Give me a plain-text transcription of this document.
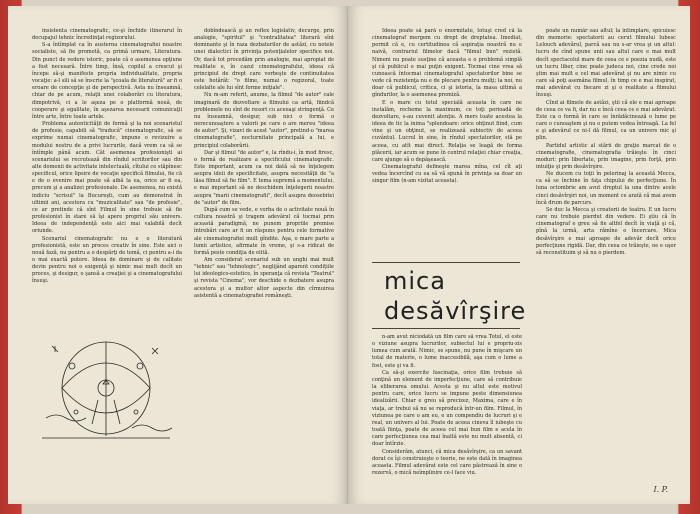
insistenta cinematografic, ce-şi închide itinerarul în decupajul tehnic încredinţat regizorului.

S-a întîmplat ca în austerna cinematografiei noastre socialiste, să fie promotă, ca primă urmare, Literatura. Din punct de vedere istoric, poate că o asemenea opţiune a fost necesară. Între timp, însă, copilul a crescut şi începe să-şi manifeste propria individualitate, propria vocaţie: a-l sili să se înscrie la "şcoala de literatură" ar fi o eroare de concepţie şi de perspectivă. Asta nu înseamnă, chiar de pe acum, relaţii unei colaborări cu literatura, dimpotrivă, ci a le aşeza pe o platformă nouă, de cooperare şi egalitate, în aşezarea necesarii comunicaţii între arte, între toate artele.

Problema autenticităţii de formă şi la noi scenaristul de profesie, capabili să "traducă" cinematografic, să se exprime numai cinematografic, impune o revizuire a modului nostru de a privi lucrurile, dacă vrem ca să se întîmple până acum. Cât asemenea profesionişti ai scenariului se recrutează din rîndul scriitorilor sau din alte domenii de activitate intelectuală, cîtului ce stăpînesc specificul, orice lipsire de vocaţie specifică filmului, fie că e de o evenire mai poate să aibă la ea, orice ar fi ea, precum şi a analizei profesionale. De asemenea, nu există indiciu "scrisul" la Bucureşti, cum au demonstrat în ultimii ani, acestora cu "muzicalitate" sau "de profesie", ce ar pretinde că sînt Filmul în sine trebuie să fie profesionist în stare să îşi apere propriul său univers. Ideea de independenţă este aici mai valabilă decît oriunde.

Scenariul cinematografic nu e o literatură profesionistă, este un proces creativ în sine. Este aici o nouă fază, nu pentru a o despărţi de temă, ci pentru a-i da o mai exactă putere. Ideea de dominare şi de calitate devin pentru noi o exigenţă şi nimic mai mult decît un proces, şi desigur, o şansă a creaţiei şi a cinematografului însuşi.

dobîndească şi un reflex legislativ, decurge, prin analogie, "spiritul" şi "contralitatea" literară sînt dominante şi în raza dezbaterilor de astăzi, cu notele unei dialectici în privinţa potenţialelor specifice noi. Or, dacă tot procedăm prin analogie, mai apropiat de realitate e, în cazul cinematografului, ideea că principiul de drept care vorbeşte de continuitatea este hotărât: "o filme, numai o regizoral, toate celelalte ale lui sînt forme iniţiale".

Nu m-am referit, anume, la filmul "de autor" cale imaginară de dezvoltare a filmului ca artă, fiindcă problemele nu sînt de resort cu aceeaşi stringenţă. Ce nu înseamnă, desigur, sub nici o formă o nerecunoaştere a valorii pe care o are mereu "ideea de autor". Şi, vizavi de acest "autor", pretind-o "marea cinematografie", nocturnitate principală a lui, e principiul colaborării.

Dar şi filmul "de autor" e, la rîndu-i, în mod firesc, o formă de realizare a specificului cinematografic. Este important, acum ca noi dată să ne înţelegem asupra ideii de specificitate, asupra necesităţii de "a lăsa filmul să fie film". E tema supremă a momentului, e mai important să ne deschidem înţelegerii noastre asupra "marii cinematografii", decît asupra deosebitei de "autor" de film.

După cum se vede, e vorba de o activitate nouă în cultura noastră şi tragem adevărul că tocmai prin această paradigmă, ne punem propriile premise întrebări care ar fi un răspuns pentru cele formative ale cinematografiei mult gîndite. Aşa, o mare parte a lumii artistice, afirmate în vreme, şi s-a ridicat de formă peste condiţia de elită.

Am considerat scenariul sub un unghi mai mult "tehnic" sau "tehnologic", neglijând aparent condiţiile lui ideologico-estetice, în speranţa că revista "Teatrul" şi revista "Cinema", vor deschide o dezbatere asupra acestora şi a multor altor aspecte din cîrmuirea asistentă a cinematografiei româneşti.

Ideea poate să pară o enormitate, totuşi cred că la cinematograf mergem cu drept de dreptatea. Imediat, permit că e, cu certitudinea că aspiraţia noastră nu e naivă, contrariul filmelor dacă "filmul bun" rezistă. Nimeni nu poate susţine că aceasta e o problemă simplă şi că publicul e mai puţin exigent. Tocmai cine vrea să cunoască întocmai cinematograful spectatorilor bine se vede că rezistenţa nu e de plecare pentru mulţi; la noi, nu doar că publicul, critica, ci şi istoria, la masa ultimă a gîndurilor, la o asemenea premiză.

E o mare cu totul specială aceasta în care ne instalăm, recheme la maximum, ce toţi perioadă de dezvoltare, s-au cuvenit atenţie. A mers toate acestea la ideea de tic la inima "splendoare: orice obţinut fiind, cum vine şi un obţinut, se realizează subiectiv de aceea cuvântul. Lucrul în sine, în rîndul spectatorilor, stă pe aceea, cu atît mai direct. Relaţia se leagă de forma plăcerii, iar acum se pune în centrul relaţiei chiar creaţia, care ajunge să o depăşească.

Cinematograful defineşte marea mîna, cel cît aţi vedea încercînd cu ea să vă spună în privinţa sa doar un singur film (n-am vizitat aceasta).

mica
desăvîrşire

n-am avut niciodată un film care să vrea Totul, el este o viziune asupra lucrurilor, subiectul lui e propriu-zis lumea cum arată. Nimic, se spune, nu pune în mişcare un total de materie, o lume inaccesibilă, aşa cum o lume a fost, este şi va fi.

Ca să-şi exercite fascinaţia, orice film trebuie să conţină un element de imperfecţiune, care să contribuie la eliberarea omului. Acesta şi nu altul este motivul pentru care, orice lucru se impune peste dimensiunea idealizării. Chiar e greu să precizez, Maxima, care e în viaţa, ar trebui să nu se reproducă într-un film. Filmul, în viziunea pe care o am eu, e un compendiu de lucruri şi e real, un univers al lui. Poate de aceea cineva îl iubeşte cu toată fiinţa, poate de aceea cel mai bun film e acela în care perfecţiunea cea mai înaltă este nu mult absentă, ci doar întîrzie.

Considerăm, atunci, că mica desăvîrşire, ca un savant dorat ce îşi construieşte o teorie, ne este dată în imaginea aceasta. Filmul adevărat este cel care păstrează în sine o rezervă, o mică neîmplinire ce-l face viu.

poate un număr sau altul; la întîmplare, spicuiesc din memorie: spectatorii au cerut filmului Iubesc Lelouch adevărul, parcă sau nu s-ar vrea şi un altul: lucru de cînd spune unii sau altul care e mai mult decît spectacolul mare de ceea ce e poezia nudă, este un lucru liber, cine poate judeca noi, cine crede noi ştim mai mult e cel mai adevărat şi nu are nimic cu care să poţi asemăna filmul, în timp ce e mai inspirat, mai adevărat cu fiecare zi şi o realitate a filmului însuşi.

Cînd ai filmele de astăzi, ştii că ele e mai aproape de ceea ce va fi, dar nu e încă ceea ce e mai adevărat. Este ca o formă în care se înrădăcinează o lume pe care o cunoaştem şi nu o putem vedea întreagă. La fel e şi adevărul ce ni-l dă filmul, ca un univers mic şi plin.

Partidul artistic al stării de graţie marcat de o cinematografie, cinematografia trăieşte în cinci moduri: prin libertate, prin imagine, prin forţă, prin intuiţie şi prin desăvîrşire.

Ne ducem cu toţii în pelerinaj la această Mecca, ca să se închine în faţa chipului de perfecţiune. În luna octombrie am avut dreptul la una dintre acele cinci desăvîrşiri noi, un moment ce arată că mai avem încă drum de parcurs.

Se duc la Mecca şi creatorii de teatru. E un lucru care nu trebuie pierdut din vedere. Ei ştiu că în cinematograf e greu să fie altfel decît în viaţă şi că, pînă la urmă, arta rămîne o încercare. Mica desăvîrşire e mai aproape de adevăr decît orice perfecţiune rigidă. Dar, din ceea ce trăieşte, ne e uşor să reconstituim şi să nu o pierdem.

I. P.
